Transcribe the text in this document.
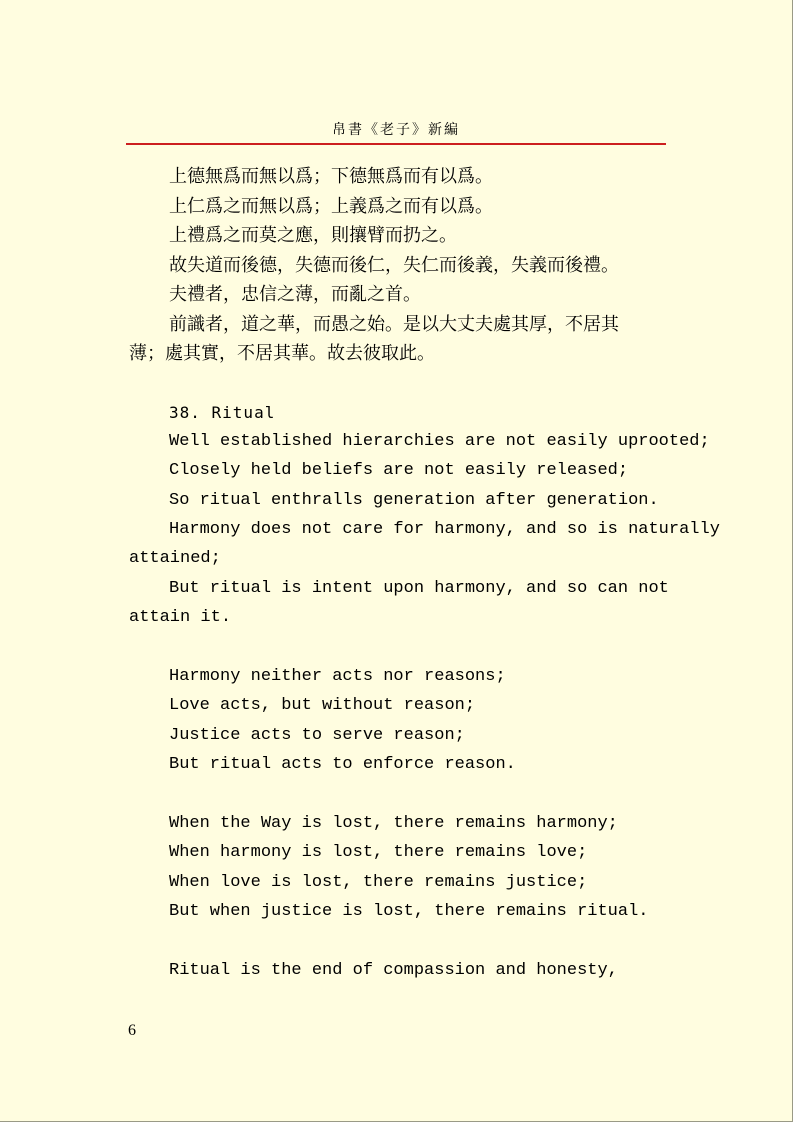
帛書《老子》新編
上德無爲而無以爲；下德無爲而有以爲。
上仁爲之而無以爲；上義爲之而有以爲。
上禮爲之而莫之應，則攘臂而扔之。
故失道而後德，失德而後仁，失仁而後義，失義而後禮。
夫禮者，忠信之薄，而亂之首。
前識者，道之華，而愚之始。是以大丈夫處其厚，不居其
薄；處其實，不居其華。故去彼取此。
38. Ritual
Well established hierarchies are not easily uprooted;
Closely held beliefs are not easily released;
So ritual enthralls generation after generation.
Harmony does not care for harmony, and so is naturally
attained;
But ritual is intent upon harmony, and so can not
attain it.
Harmony neither acts nor reasons;
Love acts, but without reason;
Justice acts to serve reason;
But ritual acts to enforce reason.
When the Way is lost, there remains harmony;
When harmony is lost, there remains love;
When love is lost, there remains justice;
But when justice is lost, there remains ritual.
Ritual is the end of compassion and honesty,
6
